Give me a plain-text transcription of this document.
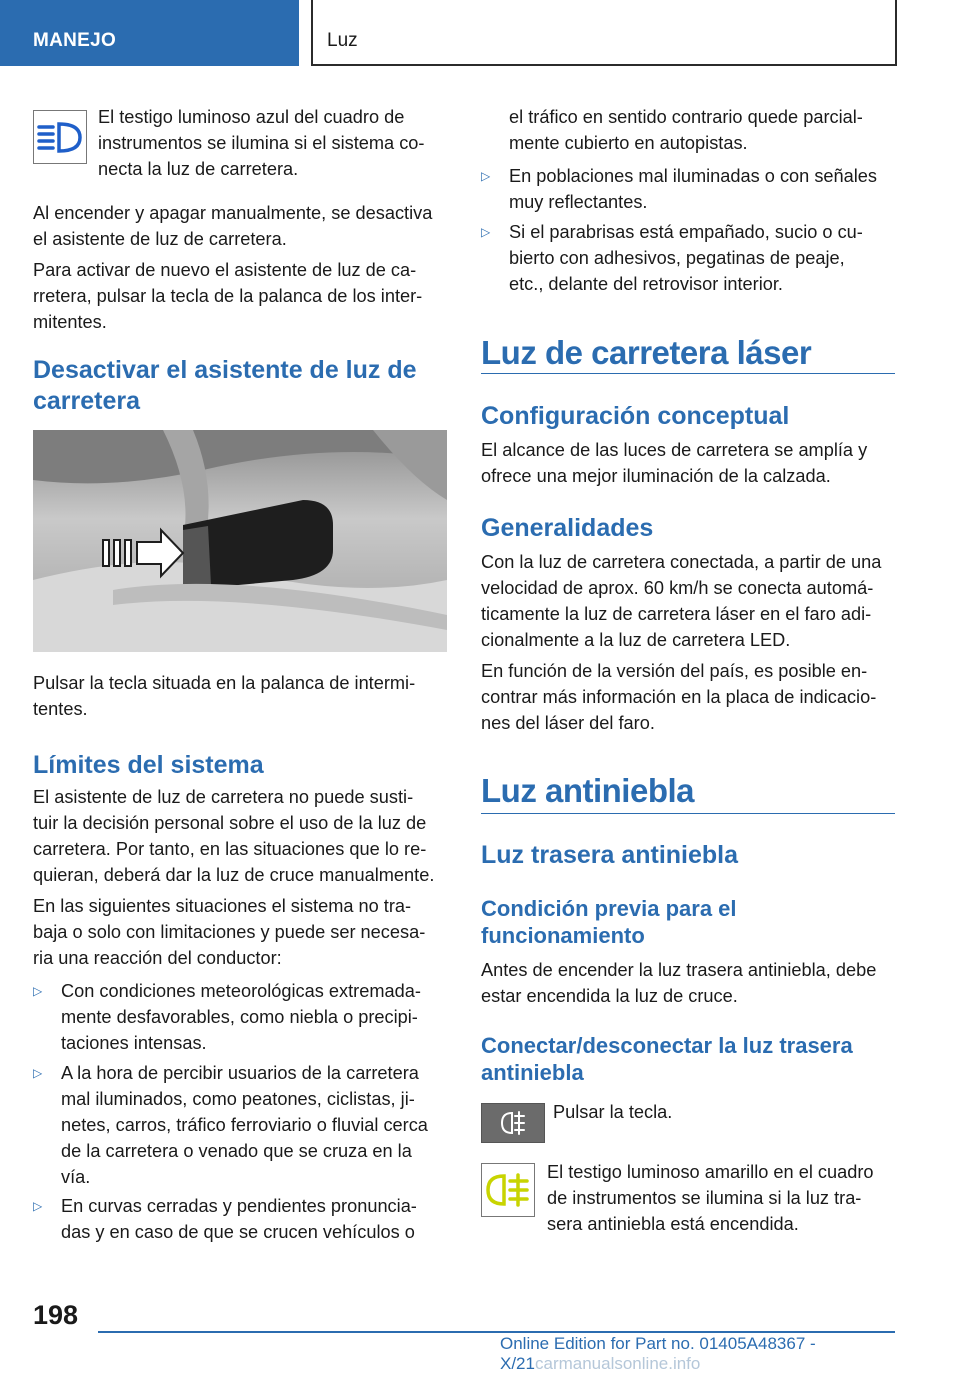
MANEJO	Luz

El testigo luminoso azul del cuadro de

instrumentos se ilumina si el sistema co-

necta la luz de carretera.

Al encender y apagar manualmente, se desactiva

el asistente de luz de carretera.

Para activar de nuevo el asistente de luz de ca-

rretera, pulsar la tecla de la palanca de los inter-

mitentes.

Desactivar el asistente de luz de
carretera

Pulsar la tecla situada en la palanca de intermi-

tentes.

Límites del sistema

El asistente de luz de carretera no puede susti-

tuir la decisión personal sobre el uso de la luz de

carretera. Por tanto, en las situaciones que lo re-

quieran, deberá dar la luz de cruce manualmente.

En las siguientes situaciones el sistema no tra-

baja o solo con limitaciones y puede ser necesa-

ria una reacción del conductor:

▷ Con condiciones meteorológicas extremada-
mente desfavorables, como niebla o precipi-
taciones intensas.
▷ A la hora de percibir usuarios de la carretera
mal iluminados, como peatones, ciclistas, ji-
netes, carros, tráfico ferroviario o fluvial cerca
de la carretera o venado que se cruza en la
vía.
▷ En curvas cerradas y pendientes pronuncia-
das y en caso de que se crucen vehículos o

el tráfico en sentido contrario quede parcial-

mente cubierto en autopistas.

▷ En poblaciones mal iluminadas o con señales
muy reflectantes.
▷ Si el parabrisas está empañado, sucio o cu-
bierto con adhesivos, pegatinas de peaje,
etc., delante del retrovisor interior.
Luz de carretera láser
Configuración conceptual

El alcance de las luces de carretera se amplía y

ofrece una mejor iluminación de la calzada.

Generalidades

Con la luz de carretera conectada, a partir de una

velocidad de aprox. 60 km/h se conecta automá-

ticamente la luz de carretera láser en el faro adi-

cionalmente a la luz de carretera LED.

En función de la versión del país, es posible en-

contrar más información en la placa de indicacio-

nes del láser del faro.

Luz antiniebla
Luz trasera antiniebla
Condición previa para el
funcionamiento

Antes de encender la luz trasera antiniebla, debe

estar encendida la luz de cruce.

Conectar/desconectar la luz trasera
antiniebla

Pulsar la tecla.

El testigo luminoso amarillo en el cuadro

de instrumentos se ilumina si la luz tra-

sera antiniebla está encendida.

198
Online Edition for Part no. 01405A48367 - X/21carmanualsonline.info
